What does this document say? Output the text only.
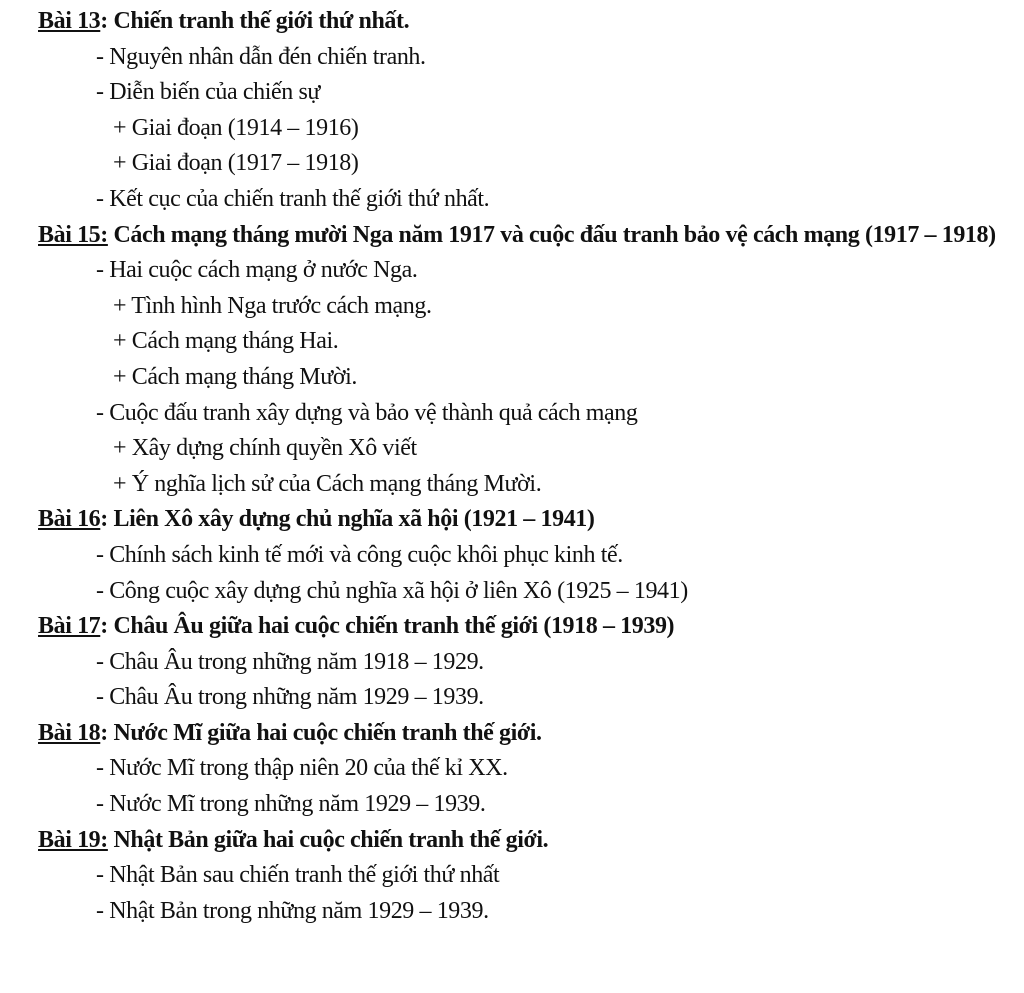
Bài 13: Chiến tranh thế giới thứ nhất.

- Nguyên nhân dẫn đén chiến tranh.

- Diễn biến của chiến sự

+ Giai đoạn (1914 – 1916)

+ Giai đoạn (1917 – 1918)

- Kết cục của chiến tranh thế giới thứ nhất.

Bài 15: Cách mạng tháng mười Nga năm 1917 và cuộc đấu tranh bảo vệ cách mạng (1917 – 1918)

- Hai cuộc cách mạng ở nước Nga.

+ Tình hình Nga trước cách mạng.

+ Cách mạng tháng Hai.

+ Cách mạng tháng Mười.

- Cuộc đấu tranh xây dựng và bảo vệ thành quả cách mạng

+ Xây dựng chính quyền Xô viết

+ Ý nghĩa lịch sử của Cách mạng tháng Mười.

Bài 16: Liên Xô xây dựng chủ nghĩa xã hội (1921 – 1941)

- Chính sách kinh tế mới và công cuộc khôi phục kinh tế.

- Công cuộc xây dựng chủ nghĩa xã hội ở liên Xô (1925 – 1941)

Bài 17: Châu Âu giữa hai cuộc chiến tranh thế giới (1918 – 1939)

- Châu Âu trong những năm 1918 – 1929.

- Châu Âu trong những năm 1929 – 1939.

Bài 18: Nước Mĩ giữa hai cuộc chiến tranh thế giới.

- Nước Mĩ trong thập niên 20 của thế kỉ XX.

- Nước Mĩ trong những năm 1929 – 1939.

Bài 19: Nhật Bản giữa hai cuộc chiến tranh thế giới.

- Nhật Bản sau chiến tranh thế giới thứ nhất

- Nhật Bản trong những năm 1929 – 1939.
